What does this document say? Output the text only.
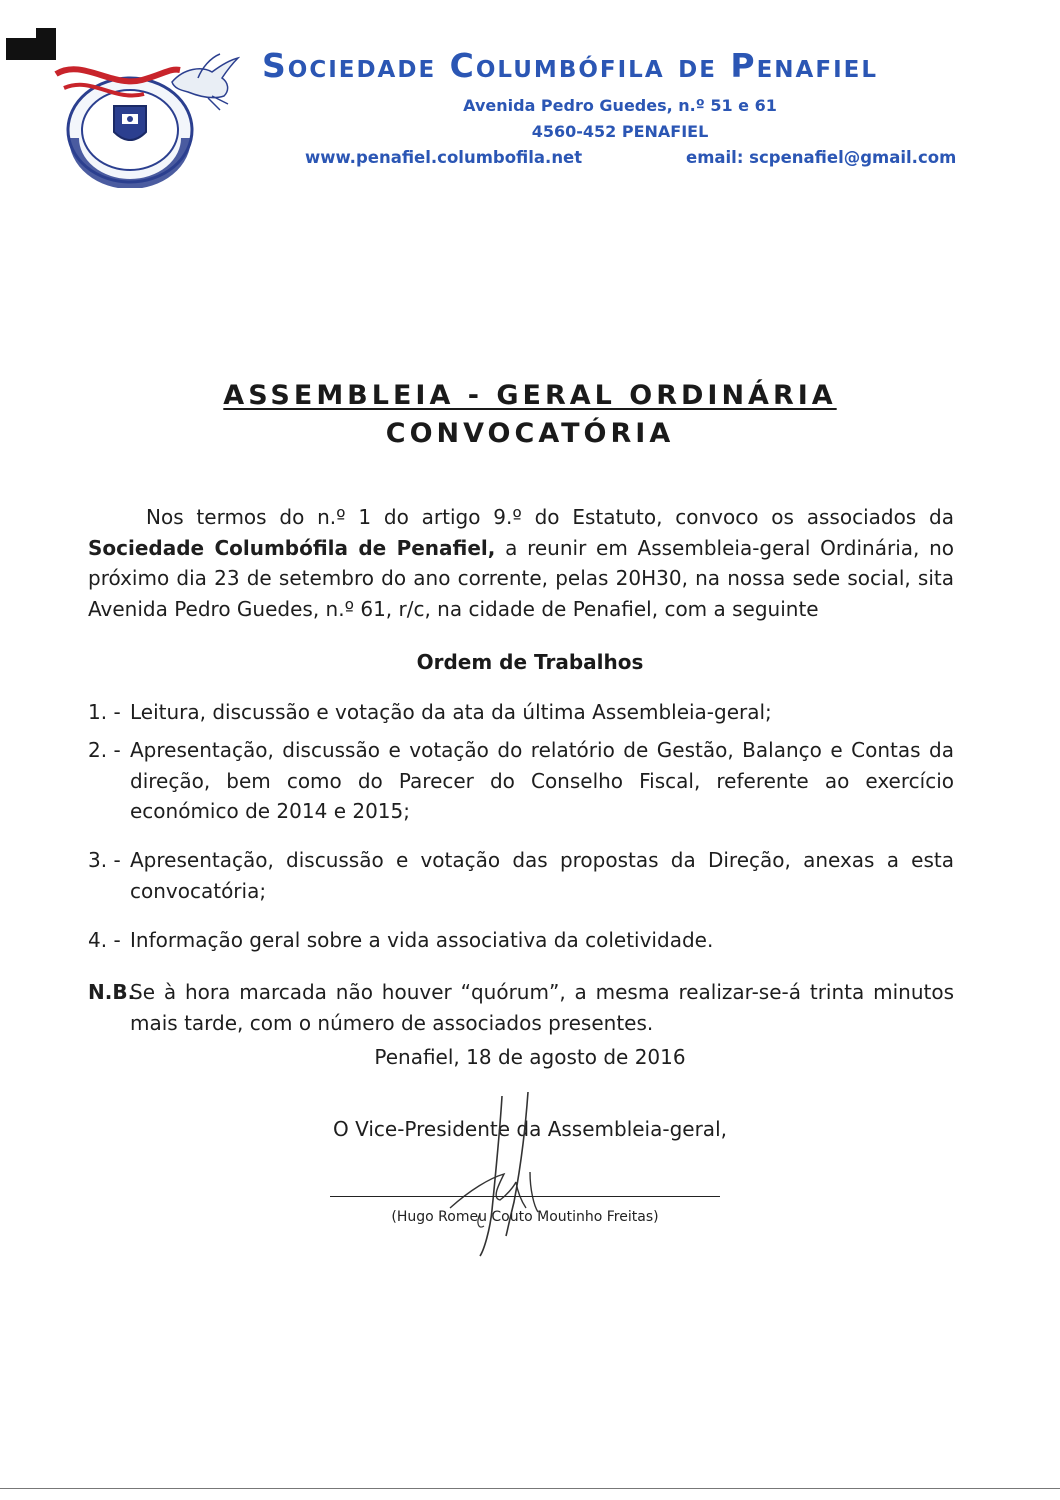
Sociedade Columbófila de Penafiel
Avenida Pedro Guedes, n.º 51 e 61
4560-452 PENAFIEL
www.penafiel.columbofila.net	email: scpenafiel@gmail.com
ASSEMBLEIA - GERAL ORDINÁRIA
CONVOCATÓRIA
Nos termos do n.º 1 do artigo 9.º do Estatuto, convoco os associados da Sociedade Columbófila de Penafiel, a reunir em Assembleia-geral Ordinária, no próximo dia 23 de setembro do ano corrente, pelas 20H30, na nossa sede social, sita Avenida Pedro Guedes, n.º 61, r/c, na cidade de Penafiel, com a seguinte
Ordem de Trabalhos
1. - Leitura, discussão e votação da ata da última Assembleia-geral;
2. - Apresentação, discussão e votação do relatório de Gestão, Balanço e Contas da direção, bem como do Parecer do Conselho Fiscal, referente ao exercício económico de 2014 e 2015;
3. - Apresentação, discussão e votação das propostas da Direção, anexas a esta convocatória;
4. - Informação geral sobre a vida associativa da coletividade.
N.B.
Se à hora marcada não houver “quórum”, a mesma realizar-se-á trinta minutos mais tarde, com o número de associados presentes.
Penafiel, 18 de agosto de 2016
O Vice-Presidente da Assembleia-geral,
(Hugo Romeu Couto Moutinho Freitas)
